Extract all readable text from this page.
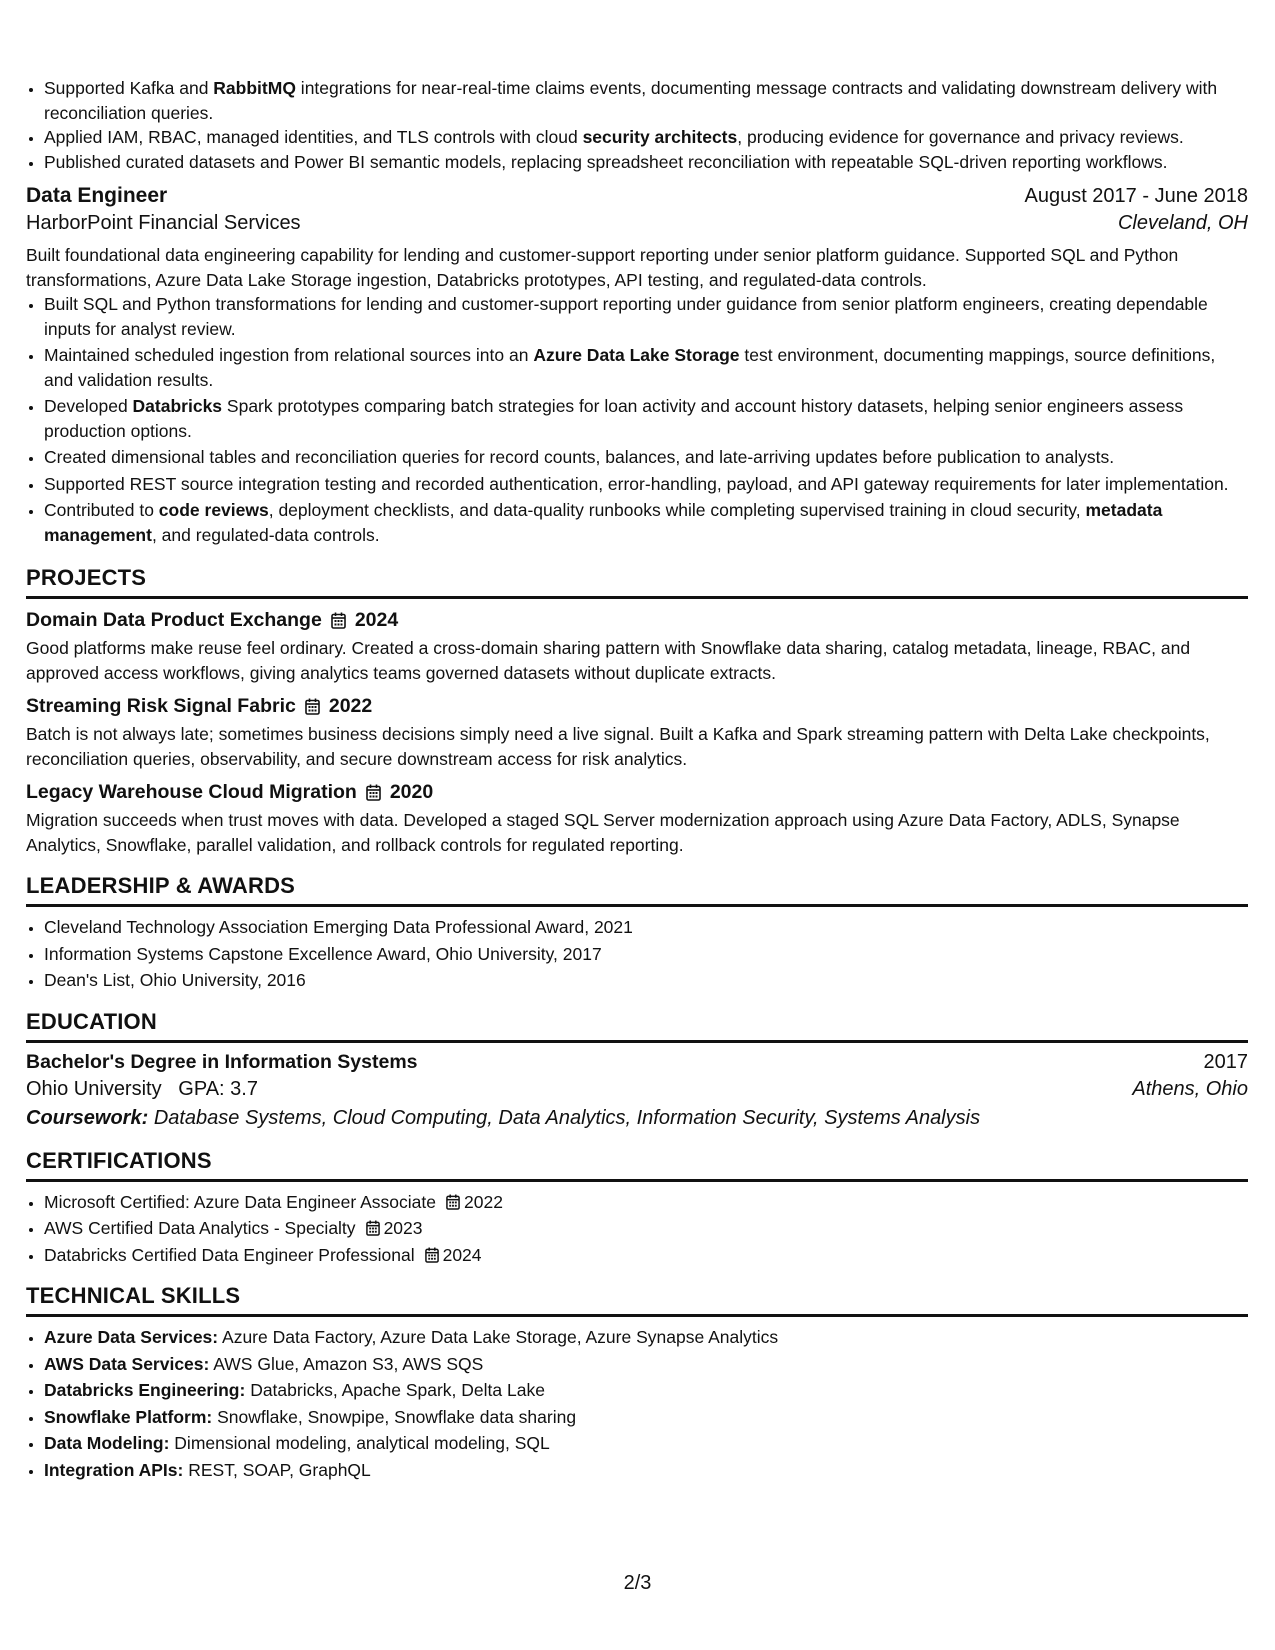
• Supported Kafka and RabbitMQ integrations for near-real-time claims events, documenting message contracts and validating downstream delivery with reconciliation queries.
• Applied IAM, RBAC, managed identities, and TLS controls with cloud security architects, producing evidence for governance and privacy reviews.
• Published curated datasets and Power BI semantic models, replacing spreadsheet reconciliation with repeatable SQL-driven reporting workflows.
Data Engineer	August 2017 - June 2018
HarborPoint Financial Services	Cleveland, OH
Built foundational data engineering capability for lending and customer-support reporting under senior platform guidance. Supported SQL and Python transformations, Azure Data Lake Storage ingestion, Databricks prototypes, API testing, and regulated-data controls.
• Built SQL and Python transformations for lending and customer-support reporting under guidance from senior platform engineers, creating dependable inputs for analyst review.
• Maintained scheduled ingestion from relational sources into an Azure Data Lake Storage test environment, documenting mappings, source definitions, and validation results.
• Developed Databricks Spark prototypes comparing batch strategies for loan activity and account history datasets, helping senior engineers assess production options.
• Created dimensional tables and reconciliation queries for record counts, balances, and late-arriving updates before publication to analysts.
• Supported REST source integration testing and recorded authentication, error-handling, payload, and API gateway requirements for later implementation.
• Contributed to code reviews, deployment checklists, and data-quality runbooks while completing supervised training in cloud security, metadata management, and regulated-data controls.
PROJECTS
Domain Data Product Exchange 2024
Good platforms make reuse feel ordinary. Created a cross-domain sharing pattern with Snowflake data sharing, catalog metadata, lineage, RBAC, and approved access workflows, giving analytics teams governed datasets without duplicate extracts.
Streaming Risk Signal Fabric 2022
Batch is not always late; sometimes business decisions simply need a live signal. Built a Kafka and Spark streaming pattern with Delta Lake checkpoints, reconciliation queries, observability, and secure downstream access for risk analytics.
Legacy Warehouse Cloud Migration 2020
Migration succeeds when trust moves with data. Developed a staged SQL Server modernization approach using Azure Data Factory, ADLS, Synapse Analytics, Snowflake, parallel validation, and rollback controls for regulated reporting.
LEADERSHIP & AWARDS
• Cleveland Technology Association Emerging Data Professional Award, 2021
• Information Systems Capstone Excellence Award, Ohio University, 2017
• Dean's List, Ohio University, 2016
EDUCATION
Bachelor's Degree in Information Systems	2017
Ohio University GPA: 3.7	Athens, Ohio
Coursework: Database Systems, Cloud Computing, Data Analytics, Information Security, Systems Analysis
CERTIFICATIONS
• Microsoft Certified: Azure Data Engineer Associate 2022
• AWS Certified Data Analytics - Specialty 2023
• Databricks Certified Data Engineer Professional 2024
TECHNICAL SKILLS
• Azure Data Services: Azure Data Factory, Azure Data Lake Storage, Azure Synapse Analytics
• AWS Data Services: AWS Glue, Amazon S3, AWS SQS
• Databricks Engineering: Databricks, Apache Spark, Delta Lake
• Snowflake Platform: Snowflake, Snowpipe, Snowflake data sharing
• Data Modeling: Dimensional modeling, analytical modeling, SQL
• Integration APIs: REST, SOAP, GraphQL
2/3
